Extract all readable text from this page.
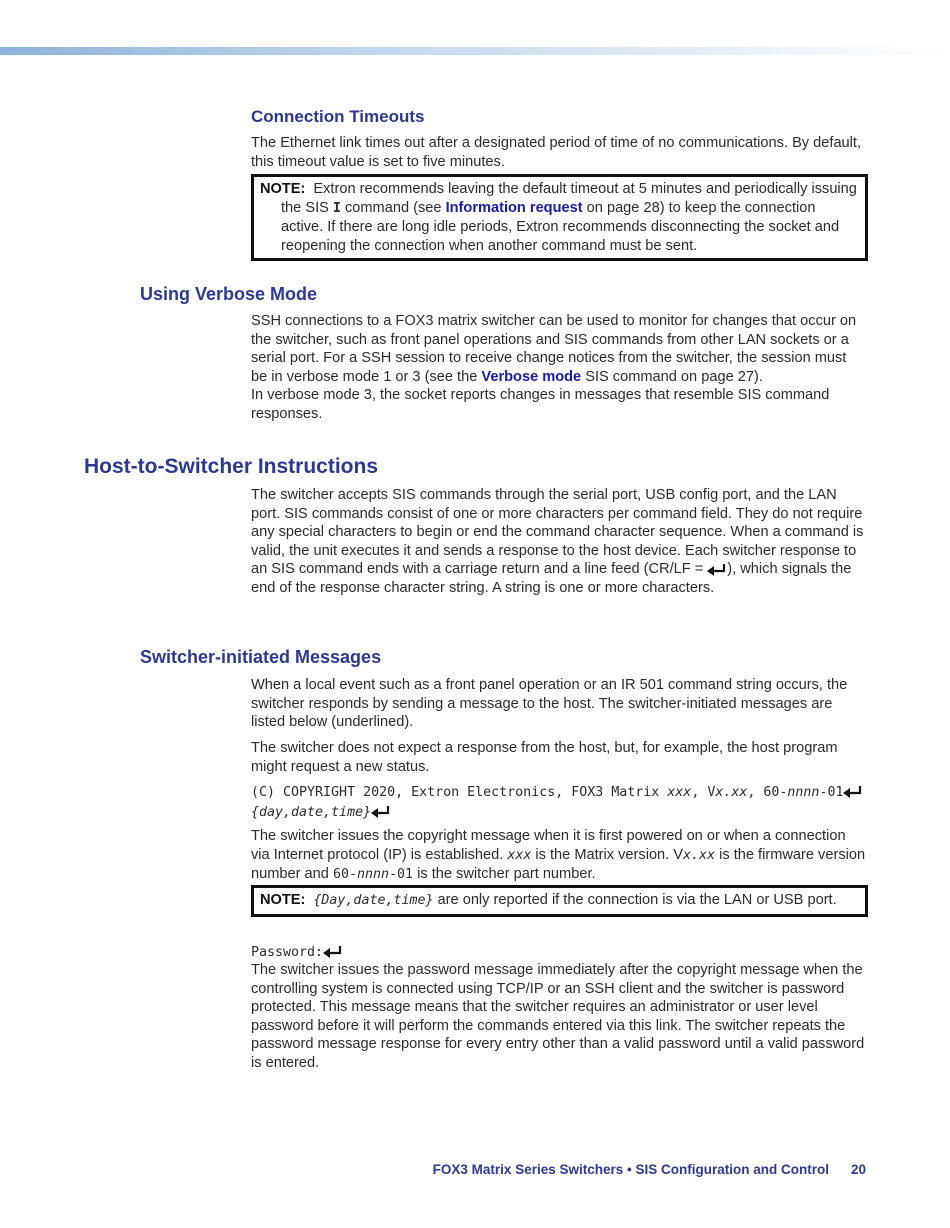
Connection Timeouts

The Ethernet link times out after a designated period of time of no communications. By default, this timeout value is set to five minutes.

NOTE: Extron recommends leaving the default timeout at 5 minutes and periodically issuing the SIS I command (see Information request on page 28) to keep the connection active. If there are long idle periods, Extron recommends disconnecting the socket and reopening the connection when another command must be sent.
Using Verbose Mode

SSH connections to a FOX3 matrix switcher can be used to monitor for changes that occur on the switcher, such as front panel operations and SIS commands from other LAN sockets or a serial port. For a SSH session to receive change notices from the switcher, the session must be in verbose mode 1 or 3 (see the Verbose mode SIS command on page 27).
In verbose mode 3, the socket reports changes in messages that resemble SIS command responses.

Host-to-Switcher Instructions

The switcher accepts SIS commands through the serial port, USB config port, and the LAN port. SIS commands consist of one or more characters per command field. They do not require any special characters to begin or end the command character sequence. When a command is valid, the unit executes it and sends a response to the host device. Each switcher response to an SIS command ends with a carriage return and a line feed (CR/LF = ), which signals the end of the response character string. A string is one or more characters.

Switcher-initiated Messages

When a local event such as a front panel operation or an IR 501 command string occurs, the switcher responds by sending a message to the host. The switcher-initiated messages are listed below (underlined).

The switcher does not expect a response from the host, but, for example, the host program might request a new status.

(C) COPYRIGHT 2020, Extron Electronics, FOX3 Matrix xxx, Vx.xx, 60-nnnn-01
{day,date,time}

The switcher issues the copyright message when it is first powered on or when a connection via Internet protocol (IP) is established. xxx is the Matrix version. Vx.xx is the firmware version number and 60-nnnn-01 is the switcher part number.

NOTE: {Day,date,time} are only reported if the connection is via the LAN or USB port.
Password:

The switcher issues the password message immediately after the copyright message when the controlling system is connected using TCP/IP or an SSH client and the switcher is password protected. This message means that the switcher requires an administrator or user level password before it will perform the commands entered via this link. The switcher repeats the password message response for every entry other than a valid password until a valid password is entered.

FOX3 Matrix Series Switchers • SIS Configuration and Control 20
